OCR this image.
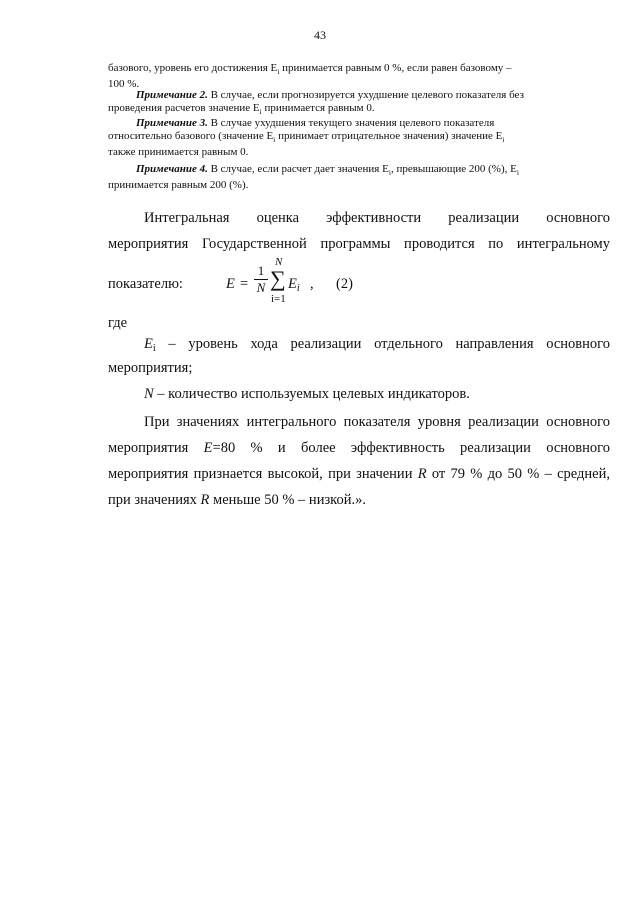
43
базового, уровень его достижения $E_i$ принимается равным 0 %, если равен базовому –
100 %.
Примечание 2. В случае, если прогнозируется ухудшение целевого показателя без
проведения расчетов значение $E_i$ принимается равным 0.
Примечание 3. В случае ухудшения текущего значения целевого показателя
относительно базового (значение $E_i$ принимает отрицательное значения) значение $E_i$
также принимается равным 0.
Примечание 4. В случае, если расчет дает значения $E_i$, превышающие 200 (%), $E_i$
принимается равным 200 (%).
Интегральная оценка эффективности реализации основного
мероприятия Государственной программы проводится по интегральному
показателю:	E =
1
N
N
∑
i=1
$E_i$ , (2)
где
$E_i$ – уровень хода реализации отдельного направления основного
мероприятия;
N – количество используемых целевых индикаторов.
При значениях интегрального показателя уровня реализации основного
мероприятия E=80 % и более эффективность реализации основного
мероприятия признается высокой, при значении R от 79 % до 50 % – средней,
при значениях R меньше 50 % – низкой.».
